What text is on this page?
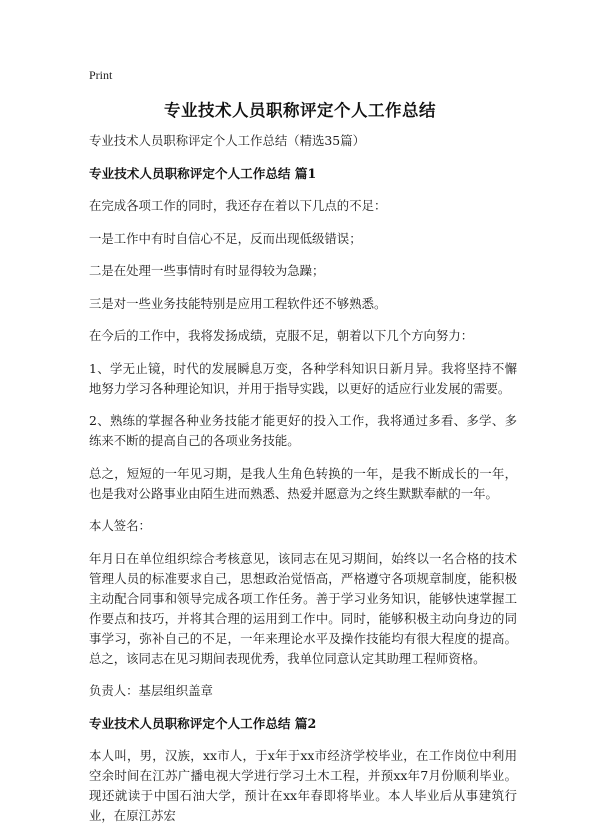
Print
专业技术人员职称评定个人工作总结

专业技术人员职称评定个人工作总结（精选35篇）

专业技术人员职称评定个人工作总结 篇1

在完成各项工作的同时，我还存在着以下几点的不足：

一是工作中有时自信心不足，反而出现低级错误；

二是在处理一些事情时有时显得较为急躁；

三是对一些业务技能特别是应用工程软件还不够熟悉。

在今后的工作中，我将发扬成绩，克服不足，朝着以下几个方向努力：

1、学无止镜，时代的发展瞬息万变，各种学科知识日新月异。我将坚持不懈地努力学习各种理论知识，并用于指导实践，以更好的适应行业发展的需要。

2、熟练的掌握各种业务技能才能更好的投入工作，我将通过多看、多学、多练来不断的提高自己的各项业务技能。

总之，短短的一年见习期，是我人生角色转换的一年，是我不断成长的一年，也是我对公路事业由陌生进而熟悉、热爱并愿意为之终生默默奉献的一年。

本人签名：

年月日在单位组织综合考核意见，该同志在见习期间，始终以一名合格的技术管理人员的标准要求自己，思想政治觉悟高，严格遵守各项规章制度，能积极主动配合同事和领导完成各项工作任务。善于学习业务知识，能够快速掌握工作要点和技巧，并将其合理的运用到工作中。同时，能够积极主动向身边的同事学习，弥补自己的不足，一年来理论水平及操作技能均有很大程度的提高。总之，该同志在见习期间表现优秀，我单位同意认定其助理工程师资格。

负责人：基层组织盖章

专业技术人员职称评定个人工作总结 篇2

本人叫，男，汉族，xx市人，于x年于xx市经济学校毕业，在工作岗位中利用空余时间在江苏广播电视大学进行学习土木工程，并预xx年7月份顺利毕业。现还就读于中国石油大学，预计在xx年春即将毕业。本人毕业后从事建筑行业，在原江苏宏
